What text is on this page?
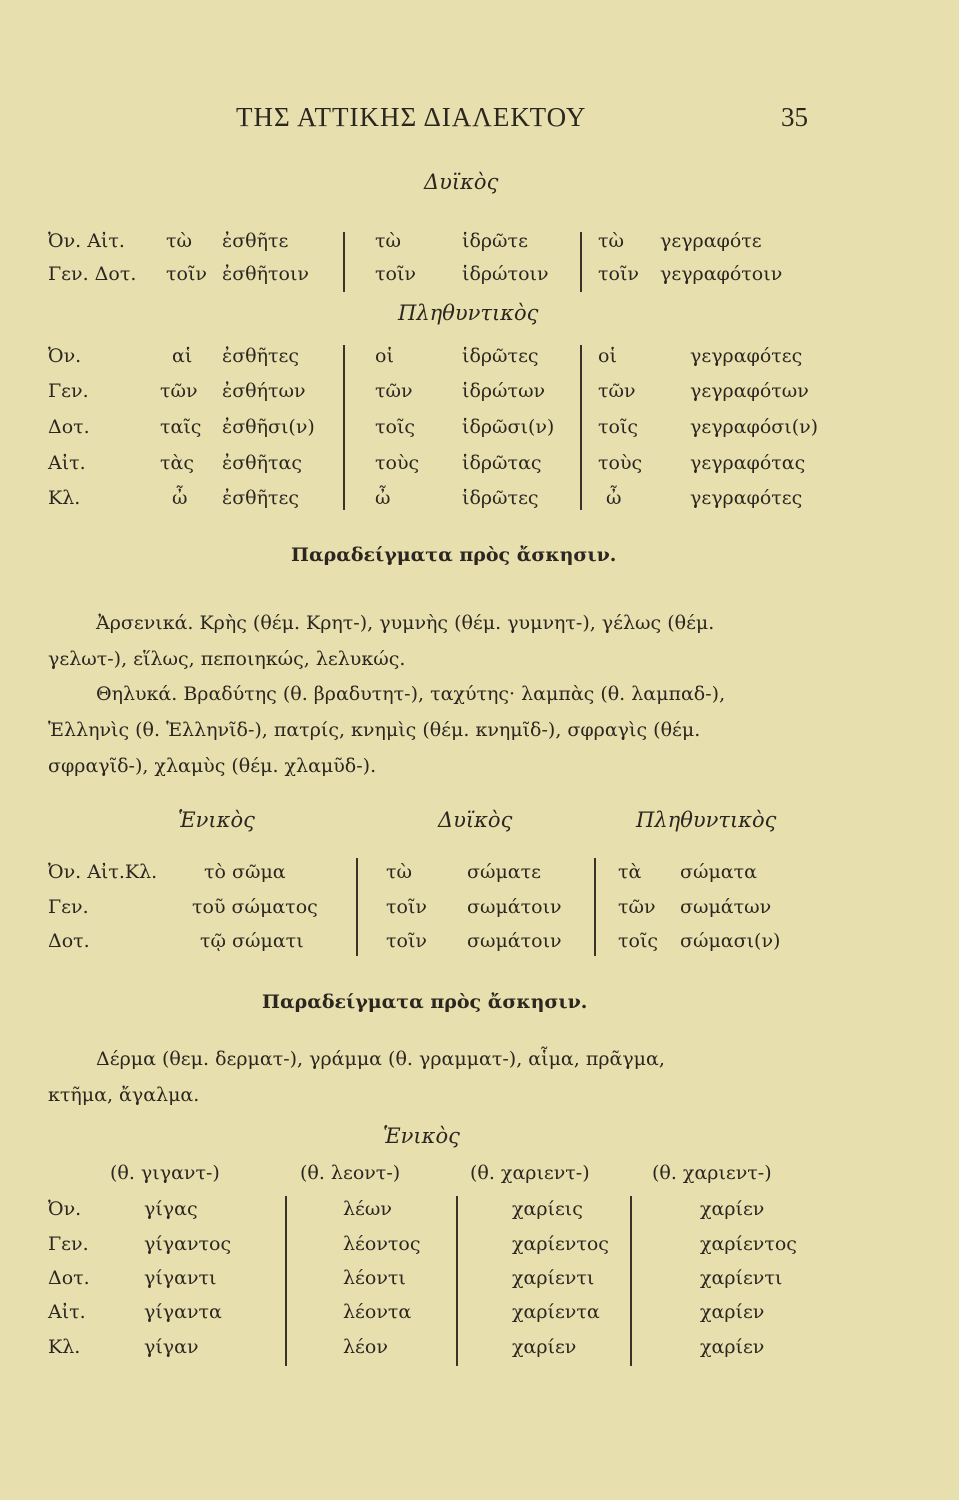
ΤΗΣ ΑΤΤΙΚΗΣ ΔΙΑΛΕΚΤΟΥ	35
Δυϊκὸς
Ὀν. Αἰτ. τὼ ἐσθῆτε	τὼ	ἱδρῶτε	τὼ γεγραφότε
Γεν. Δοτ. τοῖν ἐσθῆτοιν	τοῖν ἱδρώτοιν	τοῖν γεγραφότοιν
Πληθυντικὸς
Ὀν.	αἱ ἐσθῆτες	οἱ	ἱδρῶτες	οἱ	γεγραφότες
Γεν.	τῶν ἐσθήτων	τῶν	ἱδρώτων	τῶν	γεγραφότων
Δοτ.	ταῖς ἐσθῆσι(ν)	τοῖς ἱδρῶσι(ν) τοῖς	γεγραφόσι(ν)
Αἰτ.	τὰς ἐσθῆτας	τοὺς ἱδρῶτας	τοὺς	γεγραφότας
Κλ.	ὦ ἐσθῆτες	ὦ	ἱδρῶτες	ὦ	γεγραφότες
Παραδείγματα πρὸς ἄσκησιν.
Ἀρσενικά. Κρὴς (θέμ. Κρητ-), γυμνὴς (θέμ. γυμνητ-), γέλως (θέμ.
γελωτ-), εἵλως, πεποιηκώς, λελυκώς.
Θηλυκά. Βραδύτης (θ. βραδυτητ-), ταχύτης· λαμπὰς (θ. λαμπαδ-),
Ἑλληνὶς (θ. Ἑλληνῖδ-), πατρίς, κνημὶς (θέμ. κνημῖδ-), σφραγὶς (θέμ.
σφραγῖδ-), χλαμὺς (θέμ. χλαμῦδ-).
Ἑνικὸς	Δυϊκὸς	Πληθυντικὸς
Ὀν. Αἰτ.Κλ. τὸ σῶμα	τὼ	σώματε	τὰ σώματα
Γεν.	τοῦ σώματος	τοῖν σωμάτοιν	τῶν σωμάτων
Δοτ.	τῷ σώματι	τοῖν σωμάτοιν	τοῖς σώμασι(ν)
Παραδείγματα πρὸς ἄσκησιν.
Δέρμα (θεμ. δερματ-), γράμμα (θ. γραμματ-), αἷμα, πρᾶγμα,
κτῆμα, ἄγαλμα.
Ἑνικὸς
(θ. γιγαντ-)	(θ. λεοντ-)	(θ. χαριεντ-)	(θ. χαριεντ-)
Ὀν.	γίγας	λέων	χαρίεις	χαρίεν
Γεν.	γίγαντος	λέοντος	χαρίεντος	χαρίεντος
Δοτ.	γίγαντι	λέοντι	χαρίεντι	χαρίεντι
Αἰτ.	γίγαντα	λέοντα	χαρίεντα	χαρίεν
Κλ.	γίγαν	λέον	χαρίεν	χαρίεν
